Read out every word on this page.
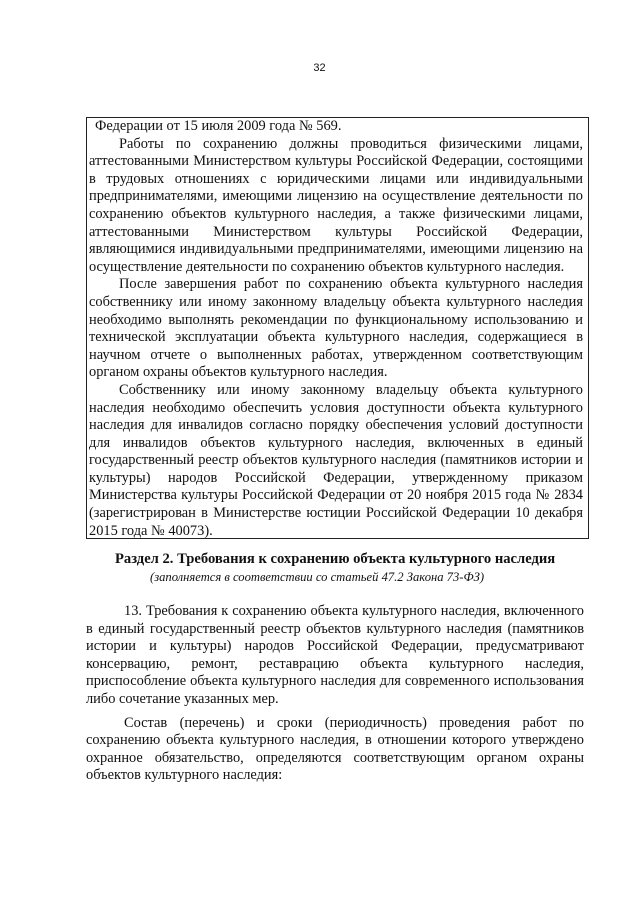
32

Федерации от 15 июля 2009 года № 569.

Работы по сохранению должны проводиться физическими лицами, аттестованными Министерством культуры Российской Федерации, состоящими в трудовых отношениях с юридическими лицами или индивидуальными предпринимателями, имеющими лицензию на осуществление деятельности по сохранению объектов культурного наследия, а также физическими лицами, аттестованными Министерством культуры Российской Федерации, являющимися индивидуальными предпринимателями, имеющими лицензию на осуществление деятельности по сохранению объектов культурного наследия.

После завершения работ по сохранению объекта культурного наследия собственнику или иному законному владельцу объекта культурного наследия необходимо выполнять рекомендации по функциональному использованию и технической эксплуатации объекта культурного наследия, содержащиеся в научном отчете о выполненных работах, утвержденном соответствующим органом охраны объектов культурного наследия.

Собственнику или иному законному владельцу объекта культурного наследия необходимо обеспечить условия доступности объекта культурного наследия для инвалидов согласно порядку обеспечения условий доступности для инвалидов объектов культурного наследия, включенных в единый государственный реестр объектов культурного наследия (памятников истории и культуры) народов Российской Федерации, утвержденному приказом Министерства культуры Российской Федерации от 20 ноября 2015 года № 2834 (зарегистрирован в Министерстве юстиции Российской Федерации 10 декабря 2015 года № 40073).

Раздел 2. Требования к сохранению объекта культурного наследия
(заполняется в соответствии со статьей 47.2 Закона 73-ФЗ)

13. Требования к сохранению объекта культурного наследия, включенного в единый государственный реестр объектов культурного наследия (памятников истории и культуры) народов Российской Федерации, предусматривают консервацию, ремонт, реставрацию объекта культурного наследия, приспособление объекта культурного наследия для современного использования либо сочетание указанных мер.

Состав (перечень) и сроки (периодичность) проведения работ по сохранению объекта культурного наследия, в отношении которого утверждено охранное обязательство, определяются соответствующим органом охраны объектов культурного наследия:
